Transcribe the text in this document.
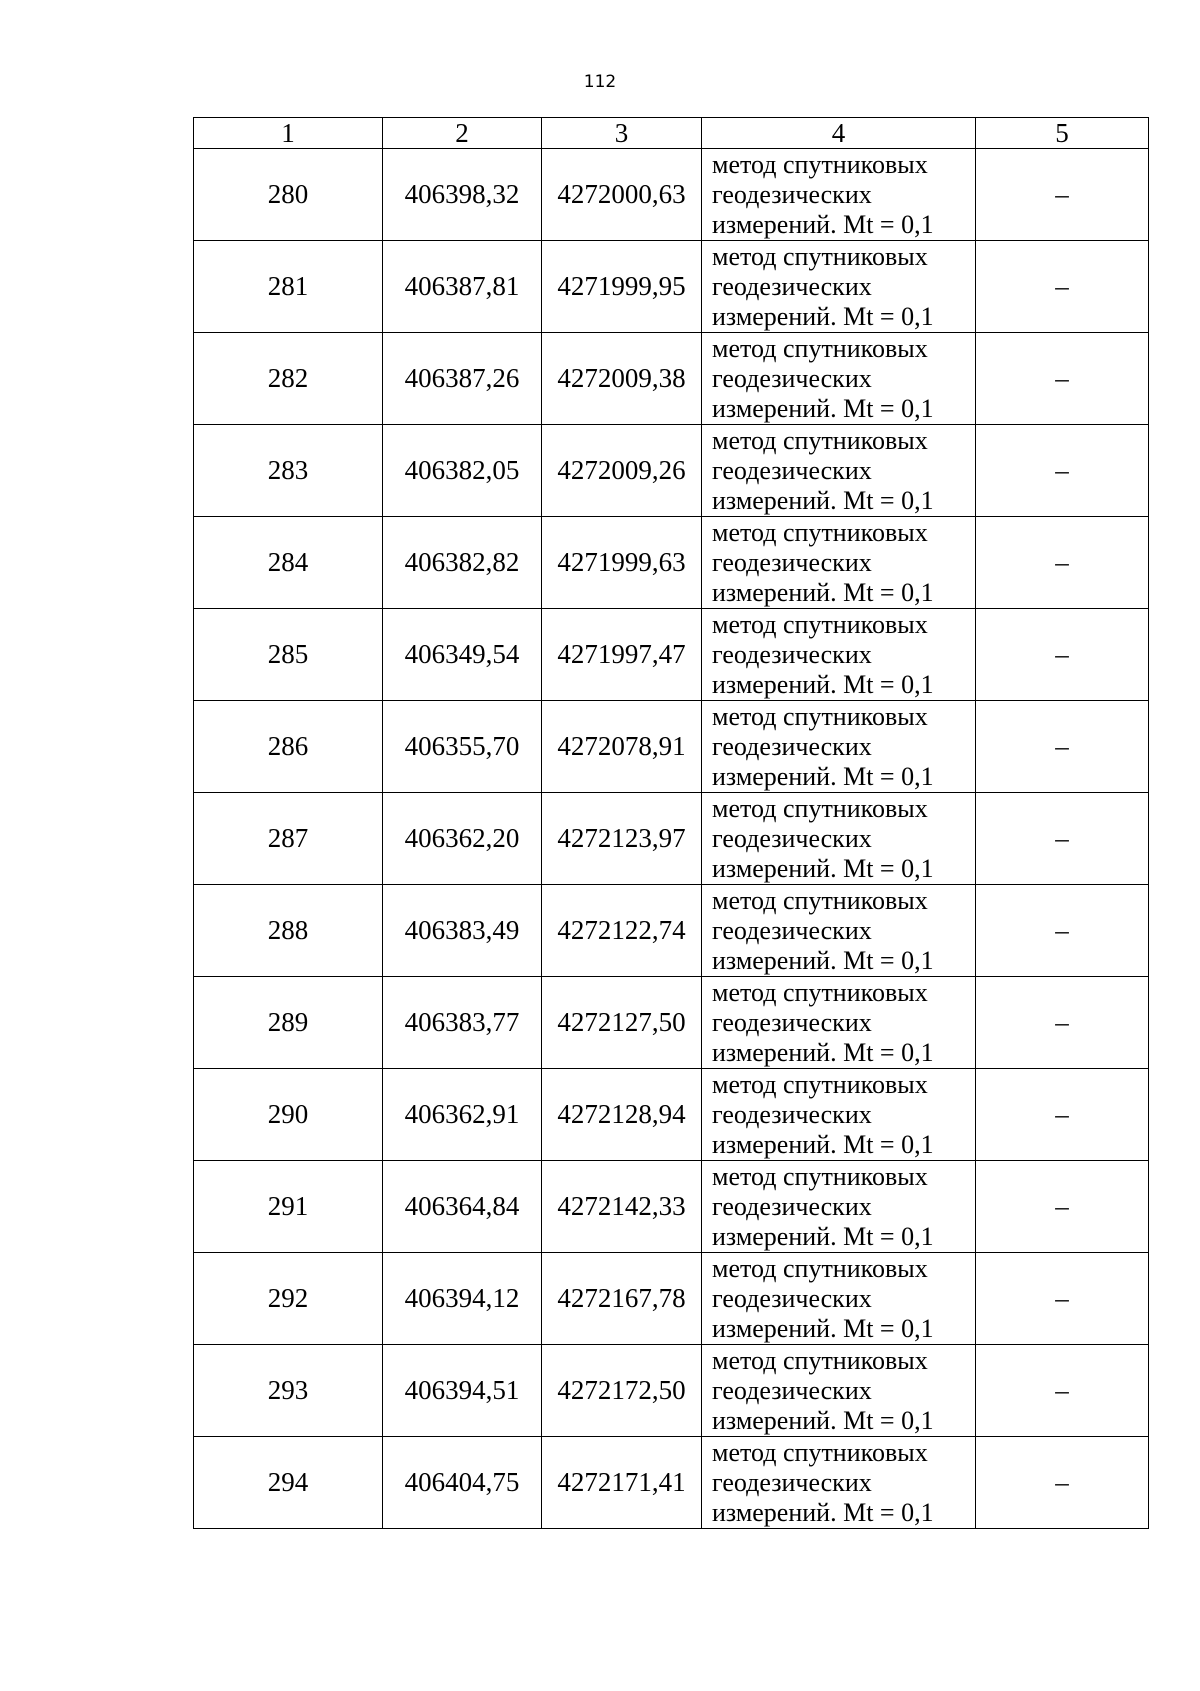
112
1	2	3	4	5
280	406398,32	4272000,63	метод спутниковых
геодезических
измерений. Mt = 0,1	–
281	406387,81	4271999,95	метод спутниковых
геодезических
измерений. Mt = 0,1	–
282	406387,26	4272009,38	метод спутниковых
геодезических
измерений. Mt = 0,1	–
283	406382,05	4272009,26	метод спутниковых
геодезических
измерений. Mt = 0,1	–
284	406382,82	4271999,63	метод спутниковых
геодезических
измерений. Mt = 0,1	–
285	406349,54	4271997,47	метод спутниковых
геодезических
измерений. Mt = 0,1	–
286	406355,70	4272078,91	метод спутниковых
геодезических
измерений. Mt = 0,1	–
287	406362,20	4272123,97	метод спутниковых
геодезических
измерений. Mt = 0,1	–
288	406383,49	4272122,74	метод спутниковых
геодезических
измерений. Mt = 0,1	–
289	406383,77	4272127,50	метод спутниковых
геодезических
измерений. Mt = 0,1	–
290	406362,91	4272128,94	метод спутниковых
геодезических
измерений. Mt = 0,1	–
291	406364,84	4272142,33	метод спутниковых
геодезических
измерений. Mt = 0,1	–
292	406394,12	4272167,78	метод спутниковых
геодезических
измерений. Mt = 0,1	–
293	406394,51	4272172,50	метод спутниковых
геодезических
измерений. Mt = 0,1	–
294	406404,75	4272171,41	метод спутниковых
геодезических
измерений. Mt = 0,1	–
